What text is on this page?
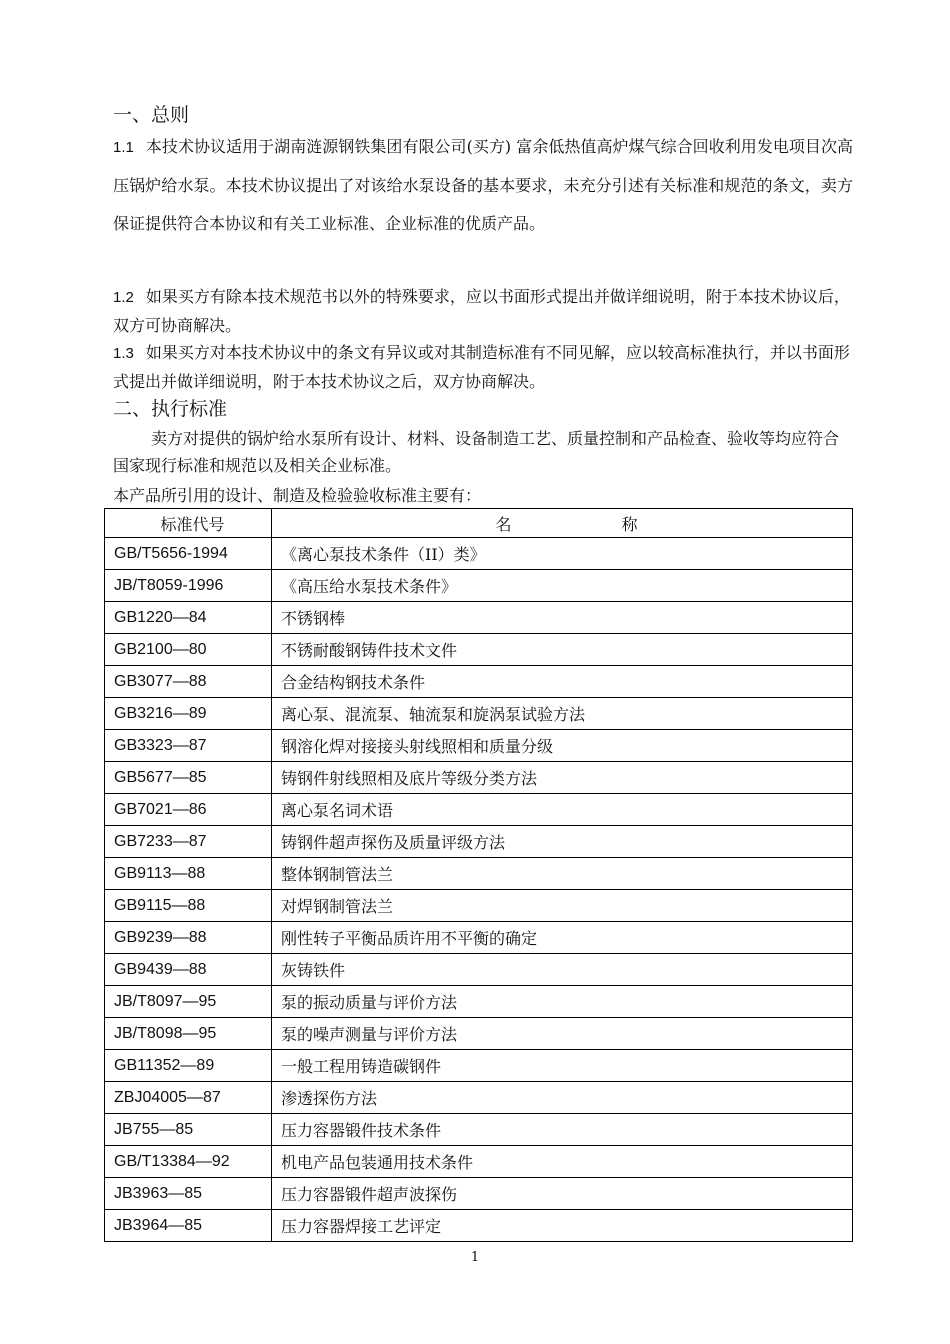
一、总则
1.1 本技术协议适用于湖南涟源钢铁集团有限公司(买方) 富余低热值高炉煤气综合回收利用发电项目次高压锅炉给水泵。本技术协议提出了对该给水泵设备的基本要求，未充分引述有关标准和规范的条文，卖方保证提供符合本协议和有关工业标准、企业标准的优质产品。
1.2 如果买方有除本技术规范书以外的特殊要求，应以书面形式提出并做详细说明，附于本技术协议后，双方可协商解决。
1.3 如果买方对本技术协议中的条文有异议或对其制造标准有不同见解，应以较高标准执行，并以书面形式提出并做详细说明，附于本技术协议之后，双方协商解决。
二、执行标准
卖方对提供的锅炉给水泵所有设计、材料、设备制造工艺、质量控制和产品检查、验收等均应符合国家现行标准和规范以及相关企业标准。
本产品所引用的设计、制造及检验验收标准主要有：
标准代号	名 称
GB/T5656-1994	《离心泵技术条件（II）类》
JB/T8059-1996	《高压给水泵技术条件》
GB1220—84	不锈钢棒
GB2100—80	不锈耐酸钢铸件技术文件
GB3077—88	合金结构钢技术条件
GB3216—89	离心泵、混流泵、轴流泵和旋涡泵试验方法
GB3323—87	钢溶化焊对接接头射线照相和质量分级
GB5677—85	铸钢件射线照相及底片等级分类方法
GB7021—86	离心泵名词术语
GB7233—87	铸钢件超声探伤及质量评级方法
GB9113—88	整体钢制管法兰
GB9115—88	对焊钢制管法兰
GB9239—88	刚性转子平衡品质许用不平衡的确定
GB9439—88	灰铸铁件
JB/T8097—95	泵的振动质量与评价方法
JB/T8098—95	泵的噪声测量与评价方法
GB11352—89	一般工程用铸造碳钢件
ZBJ04005—87	渗透探伤方法
JB755—85	压力容器锻件技术条件
GB/T13384—92	机电产品包装通用技术条件
JB3963—85	压力容器锻件超声波探伤
JB3964—85	压力容器焊接工艺评定
1
